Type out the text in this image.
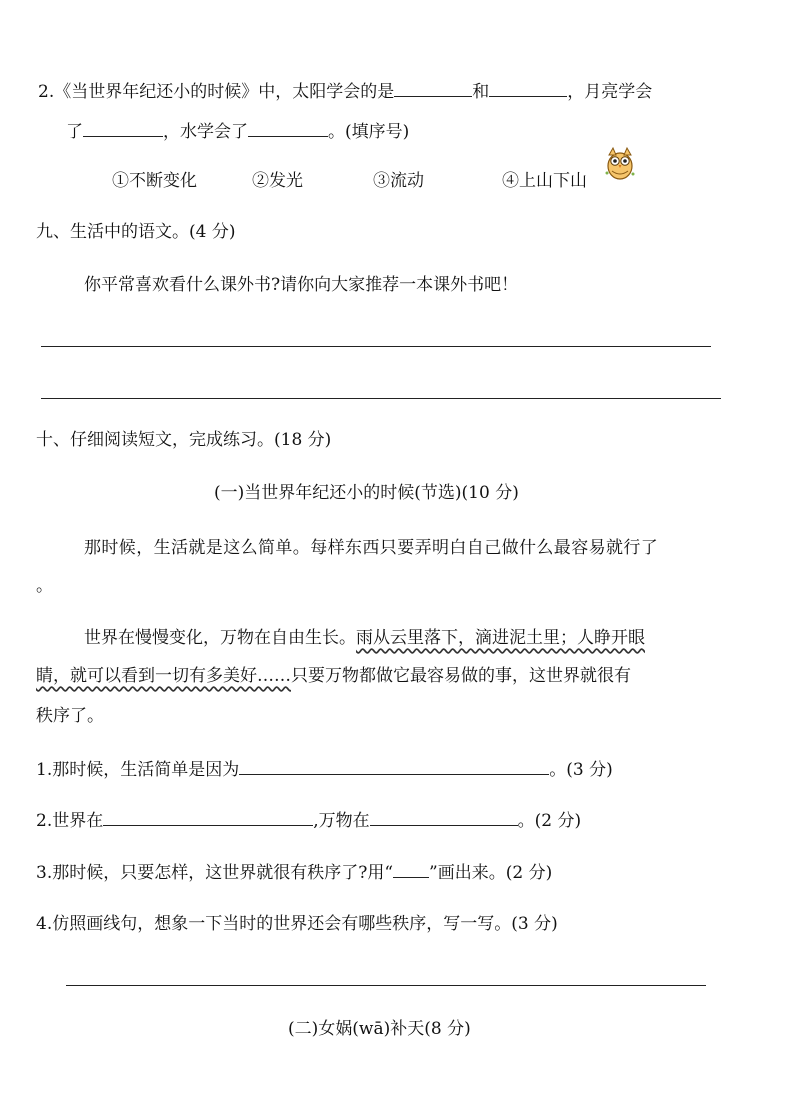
2.《当世界年纪还小的时候》中，太阳学会的是	和	，月亮学会
了	，水学会了	。(填序号)
①不断变化	②发光	③流动	④上山下山
九、生活中的语文。(4 分)
你平常喜欢看什么课外书?请你向大家推荐一本课外书吧！
十、仔细阅读短文，完成练习。(18 分)
(一)当世界年纪还小的时候(节选)(10 分)
那时候，生活就是这么简单。每样东西只要弄明白自己做什么最容易就行了
。
世界在慢慢变化，万物在自由生长。雨从云里落下，滴进泥土里；人睁开眼
睛，就可以看到一切有多美好……只要万物都做它最容易做的事，这世界就很有
秩序了。
1.那时候，生活简单是因为	。(3 分)
2.世界在	,万物在	。(2 分)
3.那时候，只要怎样，这世界就很有秩序了?用“ ”画出来。(2 分)
4.仿照画线句，想象一下当时的世界还会有哪些秩序，写一写。(3 分)
(二)女娲(wā)补天(8 分)
